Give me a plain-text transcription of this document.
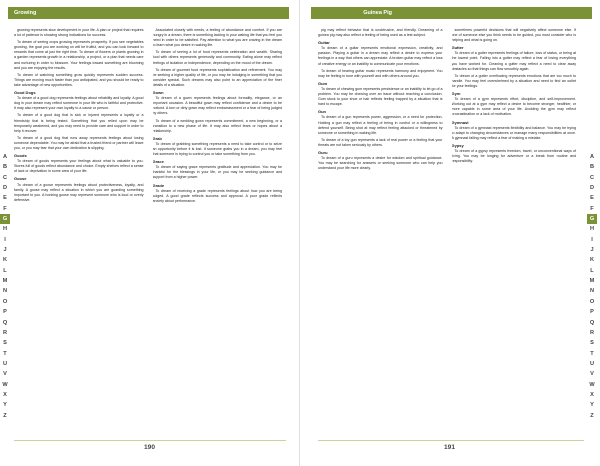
Growing

growing represents slow development in your life. A plan or project that requires a lot of patience is showing strong indications for success.

To dream of seeing crops growing represents prosperity. If you see vegetables growing, the goal you are working on will be fruitful, and you can look forward to rewards that come at just the right time. To dream of flowers or plants growing in a garden represents growth in a relationship, a project, or a plan that needs care and nurturing in order to blossom. Your feelings toward something are blooming and you are enjoying the results.

To dream of watching something grow quickly represents sudden success. Things are moving much faster than you anticipated, and you should be ready to take advantage of new opportunities.

Good Dogs

To dream of a good dog represents feelings about reliability and loyalty. A good dog in your dream may reflect someone in your life who is faithful and protective. It may also represent your own loyalty to a cause or person.

To dream of a good dog that is sick or injured represents a loyalty or a friendship that is being tested. Something that you relied upon may be temporarily weakened, and you may need to provide care and support in order to help it recover.

To dream of a good dog that runs away represents feelings about losing someone dependable. You may be afraid that a trusted friend or partner will leave you, or you may fear that your own dedication is slipping.

Goods

To dream of goods represents your feelings about what is valuable to you. Stores full of goods reflect abundance and choice. Empty shelves reflect a sense of lack or deprivation in some area of your life.

Goose

To dream of a goose represents feelings about protectiveness, loyalty, and family. A goose may reflect a situation in which you are guarding something important to you. A honking goose may represent someone who is loud or overly defensive.

Associated closely with needs, a feeling of abundance and comfort. If you are hungry in a dream, there is something lacking in your waking life that you feel you need in order to be satisfied. Pay attention to what you are craving in the dream to learn what you desire in waking life.

To dream of seeing a lot of food represents celebration and wealth. Sharing food with others represents generosity and community. Eating alone may reflect feelings of isolation or independence, depending on the mood of the dream.

To dream of gourmet food represents sophistication and refinement. You may be seeking a higher quality of life, or you may be indulging in something that you consider special. Such dreams may also point to an appreciation of the finer details of a situation.

Gown

To dream of a gown represents feelings about formality, elegance, or an important occasion. A beautiful gown may reflect confidence and a desire to be noticed. A torn or dirty gown may reflect embarrassment or a fear of being judged by others.

To dream of a wedding gown represents commitment, a new beginning, or a transition to a new phase of life. It may also reflect fears or hopes about a relationship.

Grab

To dream of grabbing something represents a need to take control or to seize an opportunity before it is lost. If someone grabs you in a dream, you may feel that someone is trying to control you or take something from you.

Grace

To dream of saying grace represents gratitude and appreciation. You may be thankful for the blessings in your life, or you may be seeking guidance and support from a higher power.

Grade

To dream of receiving a grade represents feelings about how you are being judged. A good grade reflects success and approval. A poor grade reflects anxiety about performance.

A
B
C
D
E
F
G
H
I
J
K
L
M
N
O
P
Q
R
S
T
U
V
W
X
Y
Z
190
Guinea Pig

pig may reflect behavior that is unobtrusive, and friendly. Dreaming of a guinea pig may also reflect a feeling of being used as a test subject.

Guitar

To dream of a guitar represents emotional expression, creativity, and passion. Playing a guitar in a dream may reflect a desire to express your feelings in a way that others can appreciate. A broken guitar may reflect a loss of creative energy or an inability to communicate your emotions.

To dream of hearing guitar music represents harmony and enjoyment. You may be feeling in tune with yourself and with others around you.

Gum

To dream of chewing gum represents persistence or an inability to let go of a problem. You may be chewing over an issue without reaching a conclusion. Gum stuck to your shoe or hair reflects feeling trapped by a situation that is hard to escape.

Gun

To dream of a gun represents power, aggression, or a need for protection. Holding a gun may reflect a feeling of being in control or a willingness to defend yourself. Being shot at may reflect feeling attacked or threatened by someone or something in waking life.

To dream of a toy gun represents a lack of real power or a feeling that your threats are not taken seriously by others.

Guru

To dream of a guru represents a desire for wisdom and spiritual guidance. You may be searching for answers or seeking someone who can help you understand your life more clearly.

sometimes powerful decisions that will negatively affect someone else. If one of someone else you think needs to be guided, you must consider who is helping and what is going on.

Gutter

To dream of a gutter represents feelings of failure, loss of status, or being at the lowest point. Falling into a gutter may reflect a fear of losing everything you have worked for. Cleaning a gutter may reflect a need to clear away obstacles so that things can flow smoothly again.

To dream of a gutter overflowing represents emotions that are too much to handle. You may feel overwhelmed by a situation and need to find an outlet for your feelings.

Gym

To dream of a gym represents effort, discipline, and self-improvement. Working out at a gym may reflect a desire to become stronger, healthier, or more capable in some area of your life. Avoiding the gym may reflect procrastination or a lack of motivation.

Gymnast

To dream of a gymnast represents flexibility and balance. You may be trying to adapt to changing circumstances or manage many responsibilities at once. A gymnast falling may reflect a fear of making a mistake.

Gypsy

To dream of a gypsy represents freedom, travel, or unconventional ways of living. You may be longing for adventure or a break from routine and responsibility.

A
B
C
D
E
F
G
H
I
J
K
L
M
N
O
P
Q
R
S
T
U
V
W
X
Y
Z
191
